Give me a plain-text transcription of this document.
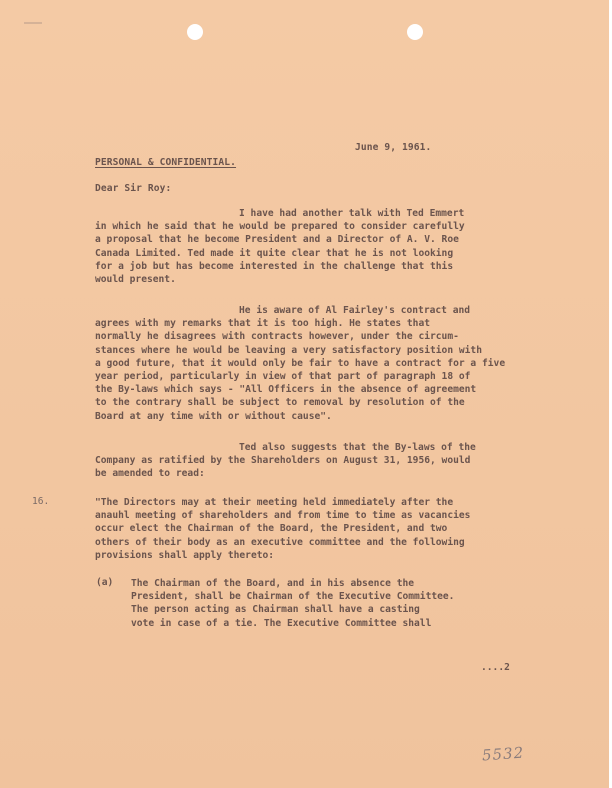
June 9, 1961.
PERSONAL & CONFIDENTIAL.
Dear Sir Roy:
I have had another talk with Ted Emmert
in which he said that he would be prepared to consider carefully
a proposal that he become President and a Director of A. V. Roe
Canada Limited. Ted made it quite clear that he is not looking
for a job but has become interested in the challenge that this
would present.
He is aware of Al Fairley's contract and
agrees with my remarks that it is too high. He states that
normally he disagrees with contracts however, under the circum-
stances where he would be leaving a very satisfactory position with
a good future, that it would only be fair to have a contract for a five
year period, particularly in view of that part of paragraph 18 of
the By-laws which says - "All Officers in the absence of agreement
to the contrary shall be subject to removal by resolution of the
Board at any time with or without cause".
Ted also suggests that the By-laws of the
Company as ratified by the Shareholders on August 31, 1956, would
be amended to read:
16.	"The Directors may at their meeting held immediately after the
anauhl meeting of shareholders and from time to time as vacancies
occur elect the Chairman of the Board, the President, and two
others of their body as an executive committee and the following
provisions shall apply thereto:
(a) The Chairman of the Board, and in his absence the
President, shall be Chairman of the Executive Committee.
The person acting as Chairman shall have a casting
vote in case of a tie. The Executive Committee shall
....2
5532
